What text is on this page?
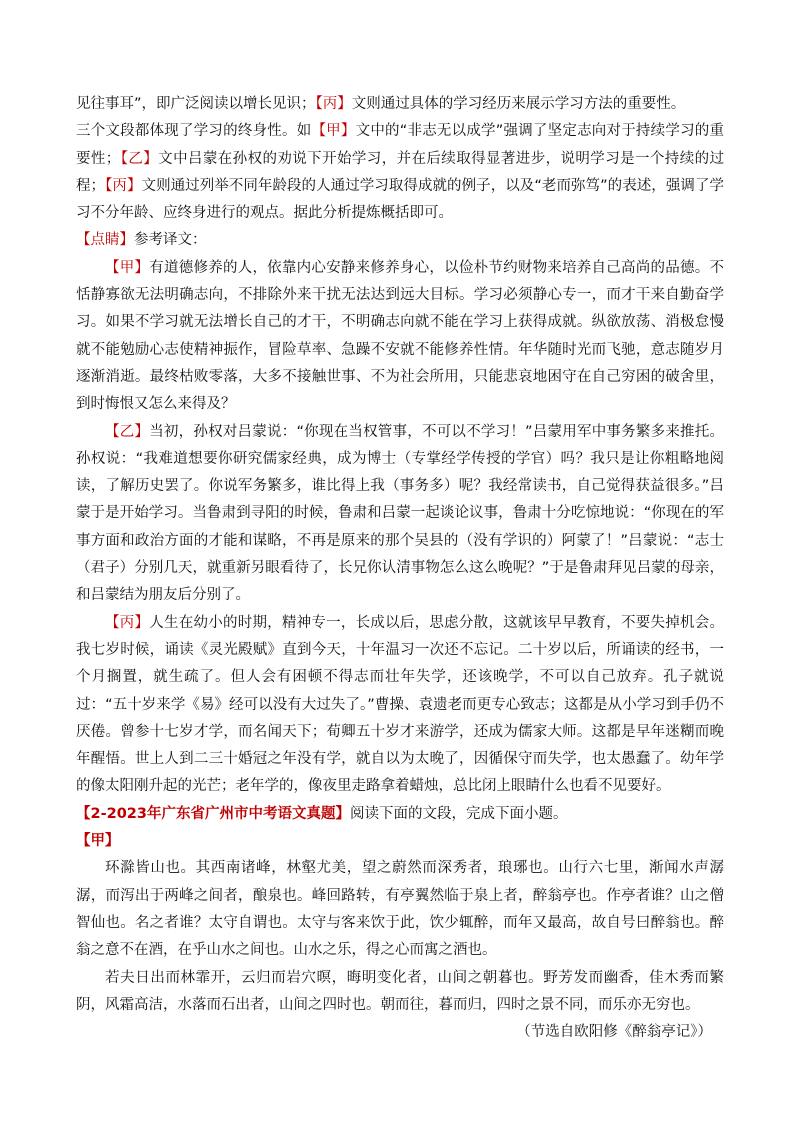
见往事耳”，即广泛阅读以增长见识；【丙】文则通过具体的学习经历来展示学习方法的重要性。

三个文段都体现了学习的终身性。如【甲】文中的“非志无以成学”强调了坚定志向对于持续学习的重要性；【乙】文中吕蒙在孙权的劝说下开始学习，并在后续取得显著进步，说明学习是一个持续的过程；【丙】文则通过列举不同年龄段的人通过学习取得成就的例子，以及“老而弥笃”的表述，强调了学习不分年龄、应终身进行的观点。据此分析提炼概括即可。

【点睛】参考译文：

【甲】有道德修养的人，依靠内心安静来修养身心，以俭朴节约财物来培养自己高尚的品德。不恬静寡欲无法明确志向，不排除外来干扰无法达到远大目标。学习必须静心专一，而才干来自勤奋学习。如果不学习就无法增长自己的才干，不明确志向就不能在学习上获得成就。纵欲放荡、消极怠慢就不能勉励心志使精神振作，冒险草率、急躁不安就不能修养性情。年华随时光而飞驰，意志随岁月逐渐消逝。最终枯败零落，大多不接触世事、不为社会所用，只能悲哀地困守在自己穷困的破舍里，到时悔恨又怎么来得及？

【乙】当初，孙权对吕蒙说：“你现在当权管事，不可以不学习！”吕蒙用军中事务繁多来推托。孙权说：“我难道想要你研究儒家经典，成为博士（专掌经学传授的学官）吗？我只是让你粗略地阅读，了解历史罢了。你说军务繁多，谁比得上我（事务多）呢？我经常读书，自己觉得获益很多。”吕蒙于是开始学习。当鲁肃到寻阳的时候，鲁肃和吕蒙一起谈论议事，鲁肃十分吃惊地说：“你现在的军事方面和政治方面的才能和谋略，不再是原来的那个吴县的（没有学识的）阿蒙了！”吕蒙说：“志士（君子）分别几天，就重新另眼看待了，长兄你认清事物怎么这么晚呢？”于是鲁肃拜见吕蒙的母亲，和吕蒙结为朋友后分别了。

【丙】人生在幼小的时期，精神专一，长成以后，思虑分散，这就该早早教育，不要失掉机会。我七岁时候，诵读《灵光殿赋》直到今天，十年温习一次还不忘记。二十岁以后，所诵读的经书，一个月搁置，就生疏了。但人会有困顿不得志而壮年失学，还该晚学，不可以自己放弃。孔子就说过：“五十岁来学《易》经可以没有大过失了。”曹操、袁遗老而更专心致志；这都是从小学习到手仍不厌倦。曾参十七岁才学，而名闻天下；荀卿五十岁才来游学，还成为儒家大师。这都是早年迷糊而晚年醒悟。世上人到二三十婚冠之年没有学，就自以为太晚了，因循保守而失学，也太愚蠢了。幼年学的像太阳刚升起的光芒；老年学的，像夜里走路拿着蜡烛，总比闭上眼睛什么也看不见要好。

【2-2023年广东省广州市中考语文真题】阅读下面的文段，完成下面小题。

【甲】

环滁皆山也。其西南诸峰，林壑尤美，望之蔚然而深秀者，琅琊也。山行六七里，渐闻水声潺潺，而泻出于两峰之间者，酿泉也。峰回路转，有亭翼然临于泉上者，醉翁亭也。作亭者谁？山之僧智仙也。名之者谁？太守自谓也。太守与客来饮于此，饮少辄醉，而年又最高，故自号曰醉翁也。醉翁之意不在酒，在乎山水之间也。山水之乐，得之心而寓之酒也。

若夫日出而林霏开，云归而岩穴暝，晦明变化者，山间之朝暮也。野芳发而幽香，佳木秀而繁阴，风霜高洁，水落而石出者，山间之四时也。朝而往，暮而归，四时之景不同，而乐亦无穷也。

（节选自欧阳修《醉翁亭记》）
